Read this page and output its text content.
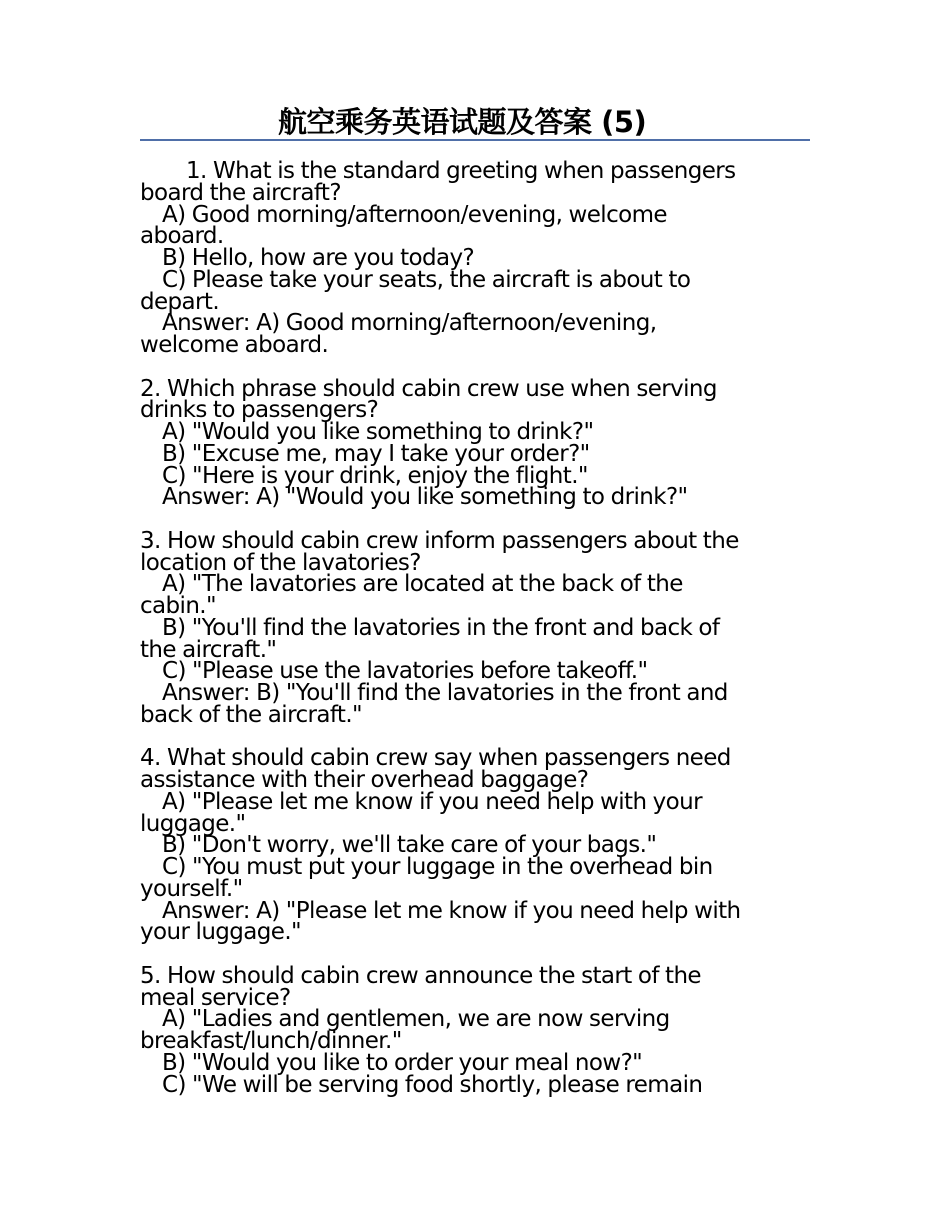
航空乘务英语试题及答案 (5)
1. What is the standard greeting when passengers
board the aircraft?
A) Good morning/afternoon/evening, welcome
aboard.
B) Hello, how are you today?
C) Please take your seats, the aircraft is about to
depart.
Answer: A) Good morning/afternoon/evening,
welcome aboard.
2. Which phrase should cabin crew use when serving
drinks to passengers?
A) "Would you like something to drink?"
B) "Excuse me, may I take your order?"
C) "Here is your drink, enjoy the flight."
Answer: A) "Would you like something to drink?"
3. How should cabin crew inform passengers about the
location of the lavatories?
A) "The lavatories are located at the back of the
cabin."
B) "You'll find the lavatories in the front and back of
the aircraft."
C) "Please use the lavatories before takeoff."
Answer: B) "You'll find the lavatories in the front and
back of the aircraft."
4. What should cabin crew say when passengers need
assistance with their overhead baggage?
A) "Please let me know if you need help with your
luggage."
B) "Don't worry, we'll take care of your bags."
C) "You must put your luggage in the overhead bin
yourself."
Answer: A) "Please let me know if you need help with
your luggage."
5. How should cabin crew announce the start of the
meal service?
A) "Ladies and gentlemen, we are now serving
breakfast/lunch/dinner."
B) "Would you like to order your meal now?"
C) "We will be serving food shortly, please remain
